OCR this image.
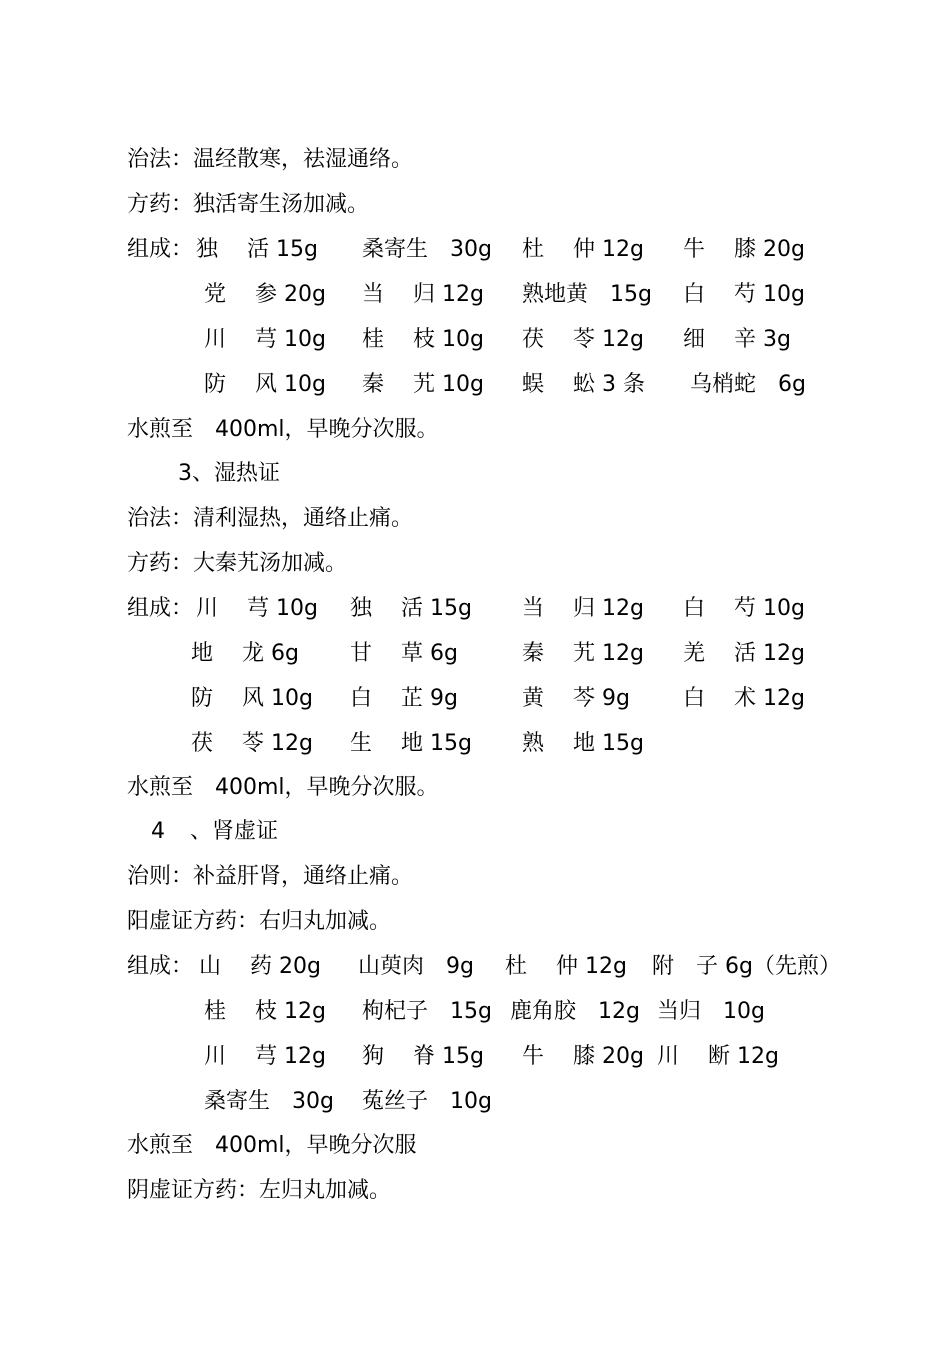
治法：温经散寒，祛湿通络。
方药：独活寄生汤加减。
组成： 独　 活 15g 桑寄生　30g 杜　 仲 12g 牛　 膝 20g
党　 参 20g 当　 归 12g 熟地黄　15g 白　 芍 10g
川　 芎 10g 桂　 枝 10g 茯　 苓 12g 细　 辛 3g
防　 风 10g 秦　 艽 10g 蜈　 蚣 3 条 乌梢蛇　6g
水煎至　400ml，早晚分次服。
3、湿热证
治法：清利湿热，通络止痛。
方药：大秦艽汤加减。
组成： 川　 芎 10g 独　 活 15g 当　 归 12g 白　 芍 10g
地　 龙 6g 甘　 草 6g	秦　 艽 12g 羌　 活 12g
防　 风 10g 白　 芷 9g	黄　 芩 9g 白　 术 12g
茯　 苓 12g 生　 地 15g 熟　 地 15g
水煎至　400ml，早晚分次服。
4 、肾虚证
治则：补益肝肾，通络止痛。
阳虚证方药：右归丸加减。
组成： 山　 药 20g 山萸肉　9g 杜　 仲 12g 附　子 6g（先煎）
桂　 枝 12g 枸杞子　15g 鹿角胶　12g 当归　10g
川　 芎 12g 狗　 脊 15g 牛　 膝 20g 川　 断 12g
桑寄生　30g 菟丝子　10g
水煎至　400ml，早晚分次服
阴虚证方药：左归丸加减。
